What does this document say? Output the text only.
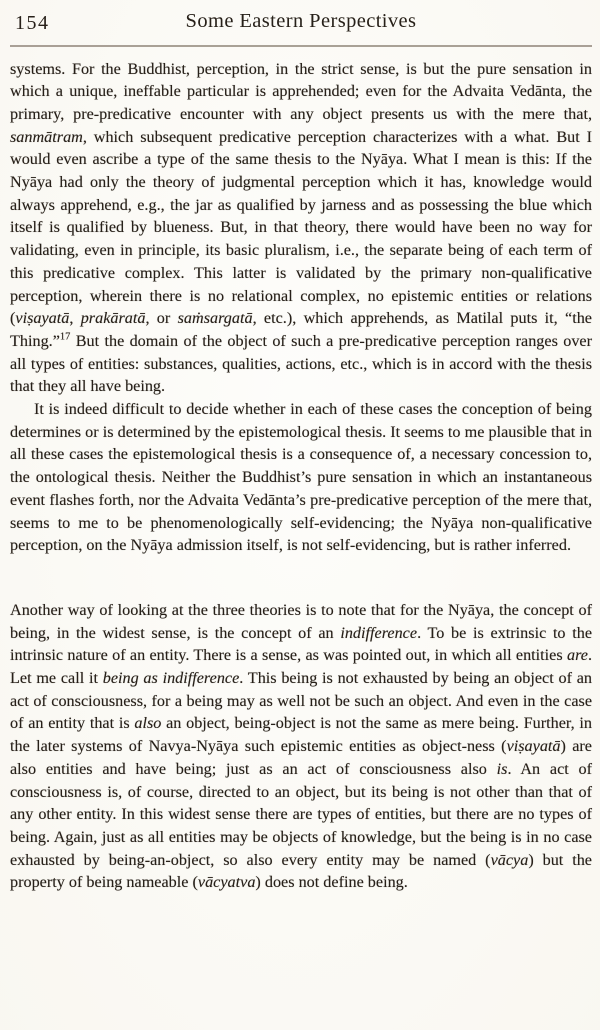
154	Some Eastern Perspectives

systems. For the Buddhist, perception, in the strict sense, is but the pure sensation in which a unique, ineffable particular is apprehended; even for the Advaita Vedānta, the primary, pre-predicative encounter with any object presents us with the mere that, sanmātram, which subsequent predicative perception characterizes with a what. But I would even ascribe a type of the same thesis to the Nyāya. What I mean is this: If the Nyāya had only the theory of judgmental perception which it has, knowledge would always apprehend, e.g., the jar as qualified by jarness and as possessing the blue which itself is qualified by blueness. But, in that theory, there would have been no way for validating, even in principle, its basic pluralism, i.e., the separate being of each term of this predicative complex. This latter is validated by the primary non-qualificative perception, wherein there is no relational complex, no epistemic entities or relations (viṣayatā, prakāratā, or saṁsargatā, etc.), which apprehends, as Matilal puts it, “the Thing.”$^{17}$ But the domain of the object of such a pre-predicative perception ranges over all types of entities: substances, qualities, actions, etc., which is in accord with the thesis that they all have being.

It is indeed difficult to decide whether in each of these cases the conception of being determines or is determined by the epistemological thesis. It seems to me plausible that in all these cases the epistemological thesis is a consequence of, a necessary concession to, the ontological thesis. Neither the Buddhist’s pure sensation in which an instantaneous event flashes forth, nor the Advaita Vedānta’s pre-predicative perception of the mere that, seems to me to be phenomenologically self-evidencing; the Nyāya non-qualificative perception, on the Nyāya admission itself, is not self-evidencing, but is rather inferred.

Another way of looking at the three theories is to note that for the Nyāya, the concept of being, in the widest sense, is the concept of an indifference. To be is extrinsic to the intrinsic nature of an entity. There is a sense, as was pointed out, in which all entities are. Let me call it being as indifference. This being is not exhausted by being an object of an act of consciousness, for a being may as well not be such an object. And even in the case of an entity that is also an object, being-object is not the same as mere being. Further, in the later systems of Navya-Nyāya such epistemic entities as object-ness (viṣayatā) are also entities and have being; just as an act of consciousness also is. An act of consciousness is, of course, directed to an object, but its being is not other than that of any other entity. In this widest sense there are types of entities, but there are no types of being. Again, just as all entities may be objects of knowledge, but the being is in no case exhausted by being-an-object, so also every entity may be named (vācya) but the property of being nameable (vācyatva) does not define being.
